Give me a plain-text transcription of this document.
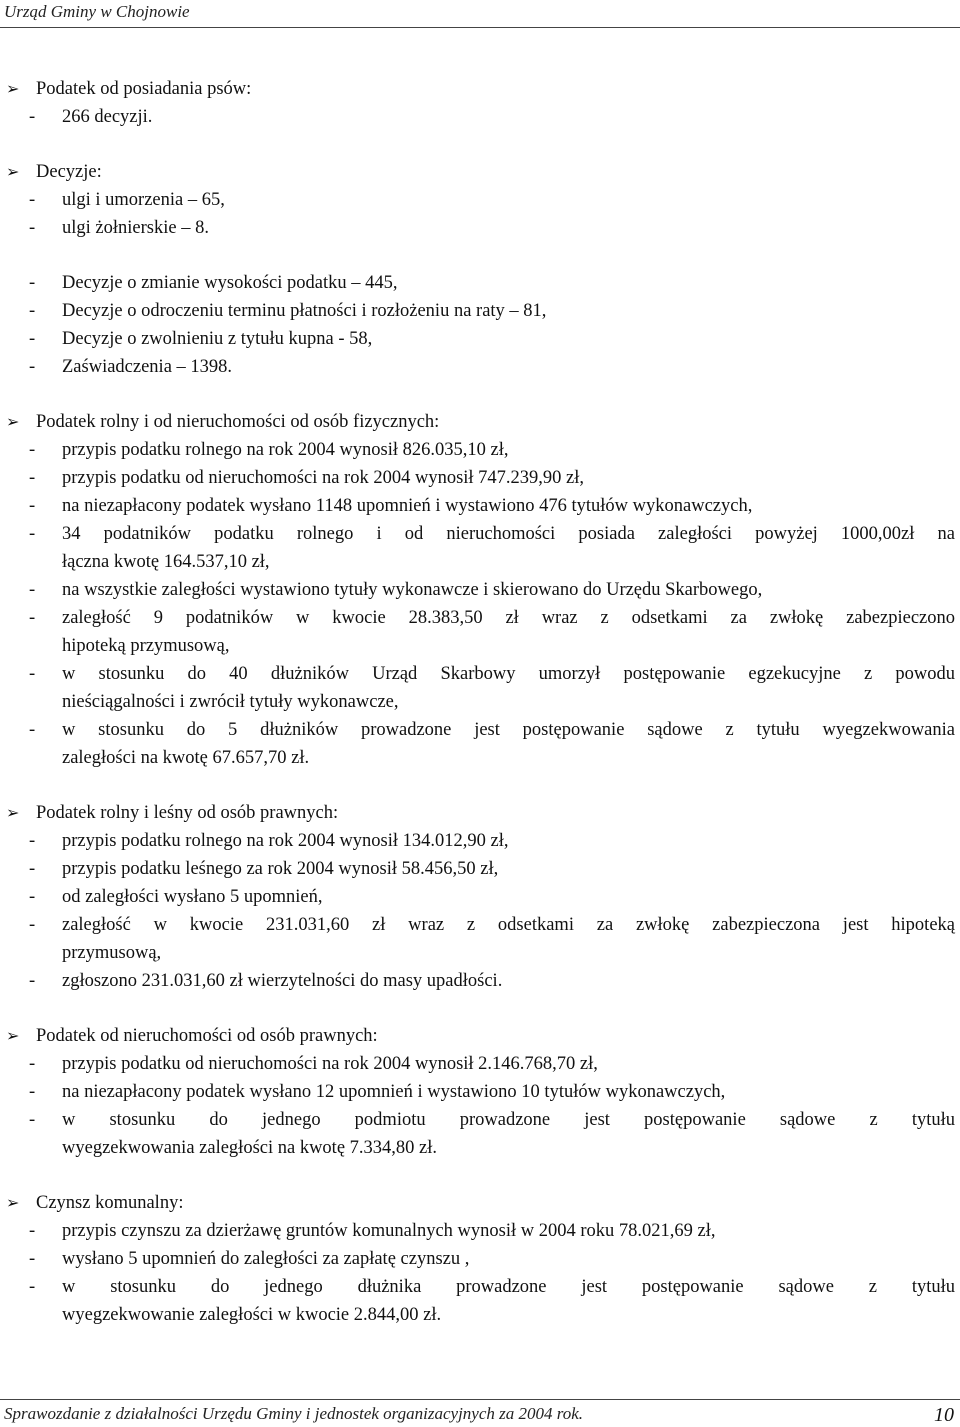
Urząd Gminy w Chojnowie
➢ Podatek od posiadania psów:
- 266 decyzji.
➢ Decyzje:
- ulgi i umorzenia – 65,
- ulgi żołnierskie – 8.
- Decyzje o zmianie wysokości podatku – 445,
- Decyzje o odroczeniu terminu płatności i rozłożeniu na raty – 81,
- Decyzje o zwolnieniu z tytułu kupna - 58,
- Zaświadczenia – 1398.
➢ Podatek rolny i od nieruchomości od osób fizycznych:
- przypis podatku rolnego na rok 2004 wynosił 826.035,10 zł,
- przypis podatku od nieruchomości na rok 2004 wynosił 747.239,90 zł,
- na niezapłacony podatek wysłano 1148 upomnień i wystawiono 476 tytułów wykonawczych,
- 34 podatników podatku rolnego i od nieruchomości posiada zaległości powyżej 1000,00zł na
łączna kwotę 164.537,10 zł,
- na wszystkie zaległości wystawiono tytuły wykonawcze i skierowano do Urzędu Skarbowego,
- zaległość 9 podatników w kwocie 28.383,50 zł wraz z odsetkami za zwłokę zabezpieczono
hipoteką przymusową,
- w stosunku do 40 dłużników Urząd Skarbowy umorzył postępowanie egzekucyjne z powodu
nieściągalności i zwrócił tytuły wykonawcze,
- w stosunku do 5 dłużników prowadzone jest postępowanie sądowe z tytułu wyegzekwowania
zaległości na kwotę 67.657,70 zł.
➢ Podatek rolny i leśny od osób prawnych:
- przypis podatku rolnego na rok 2004 wynosił 134.012,90 zł,
- przypis podatku leśnego za rok 2004 wynosił 58.456,50 zł,
- od zaległości wysłano 5 upomnień,
- zaległość w kwocie 231.031,60 zł wraz z odsetkami za zwłokę zabezpieczona jest hipoteką
przymusową,
- zgłoszono 231.031,60 zł wierzytelności do masy upadłości.
➢ Podatek od nieruchomości od osób prawnych:
- przypis podatku od nieruchomości na rok 2004 wynosił 2.146.768,70 zł,
- na niezapłacony podatek wysłano 12 upomnień i wystawiono 10 tytułów wykonawczych,
- w stosunku do jednego podmiotu prowadzone jest postępowanie sądowe z tytułu
wyegzekwowania zaległości na kwotę 7.334,80 zł.
➢ Czynsz komunalny:
- przypis czynszu za dzierżawę gruntów komunalnych wynosił w 2004 roku 78.021,69 zł,
- wysłano 5 upomnień do zaległości za zapłatę czynszu ,
- w stosunku do jednego dłużnika prowadzone jest postępowanie sądowe z tytułu
wyegzekwowanie zaległości w kwocie 2.844,00 zł.
Sprawozdanie z działalności Urzędu Gminy i jednostek organizacyjnych za 2004 rok.	10
